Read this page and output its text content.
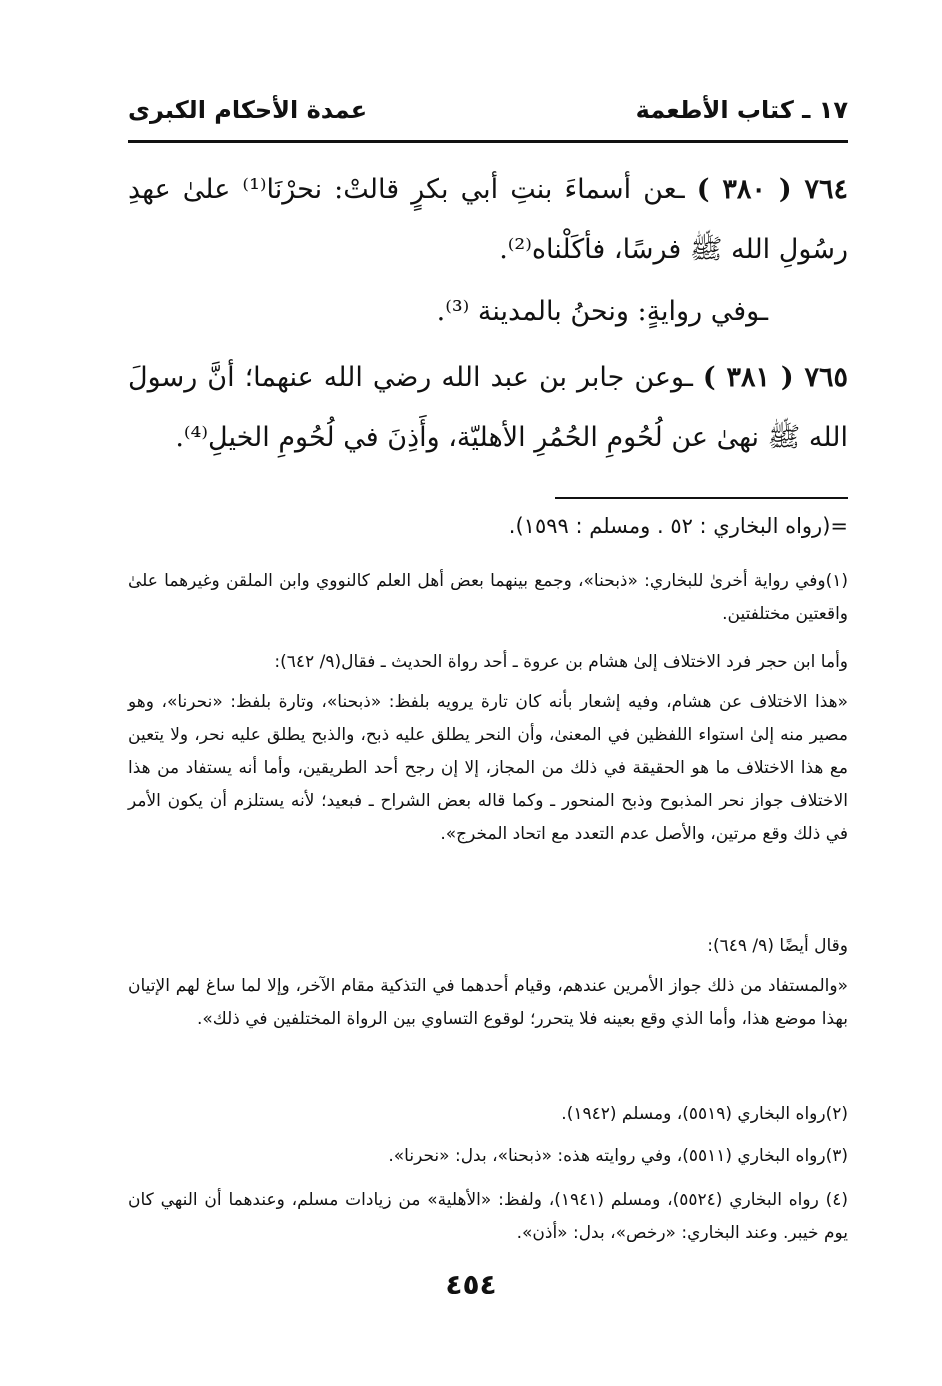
١٧ ـ كتاب الأطعمة
عمدة الأحكام الكبرى
٧٦٤ ( ٣٨٠ ) ـعن أسماءَ بنتِ أبي بكرٍ قالتْ: نحرْنَا⁽¹⁾ علىٰ عهدِ رسُولِ الله ﷺ فرسًا، فأكَلْناه⁽²⁾.
ـوفي روايةٍ: ونحنُ بالمدينة ⁽³⁾.
٧٦٥ ( ٣٨١ ) ـوعن جابر بن عبد الله رضي الله عنهما؛ أنَّ رسولَ الله ﷺ نهىٰ عن لُحُومِ الحُمُرِ الأهليّة، وأَذِنَ في لُحُومِ الخيلِ⁽⁴⁾.
=(رواه البخاري : ٥٢ . ومسلم : ١٥٩٩).
(١)وفي رواية أخرىٰ للبخاري: «ذبحنا»، وجمع بينهما بعض أهل العلم كالنووي وابن الملقن وغيرهما علىٰ واقعتين مختلفتين.
وأما ابن حجر فرد الاختلاف إلىٰ هشام بن عروة ـ أحد رواة الحديث ـ فقال(٩/ ٦٤٢):
«هذا الاختلاف عن هشام، وفيه إشعار بأنه كان تارة يرويه بلفظ: «ذبحنا»، وتارة بلفظ: «نحرنا»، وهو مصير منه إلىٰ استواء اللفظين في المعنىٰ، وأن النحر يطلق عليه ذبح، والذبح يطلق عليه نحر، ولا يتعين مع هذا الاختلاف ما هو الحقيقة في ذلك من المجاز، إلا إن رجح أحد الطريقين، وأما أنه يستفاد من هذا الاختلاف جواز نحر المذبوح وذبح المنحور ـ وكما قاله بعض الشراح ـ فبعيد؛ لأنه يستلزم أن يكون الأمر في ذلك وقع مرتين، والأصل عدم التعدد مع اتحاد المخرج».
وقال أيضًا (٩/ ٦٤٩):
«والمستفاد من ذلك جواز الأمرين عندهم، وقيام أحدهما في التذكية مقام الآخر، وإلا لما ساغ لهم الإتيان بهذا موضع هذا، وأما الذي وقع بعينه فلا يتحرر؛ لوقوع التساوي بين الرواة المختلفين في ذلك».
(٢)رواه البخاري (٥٥١٩)، ومسلم (١٩٤٢).
(٣)رواه البخاري (٥٥١١)، وفي روايته هذه: «ذبحنا»، بدل: «نحرنا».
(٤) رواه البخاري (٥٥٢٤)، ومسلم (١٩٤١)، ولفظ: «الأهلية» من زيادات مسلم، وعندهما أن النهي كان يوم خيبر. وعند البخاري: «رخص»، بدل: «أذن».
٤٥٤
